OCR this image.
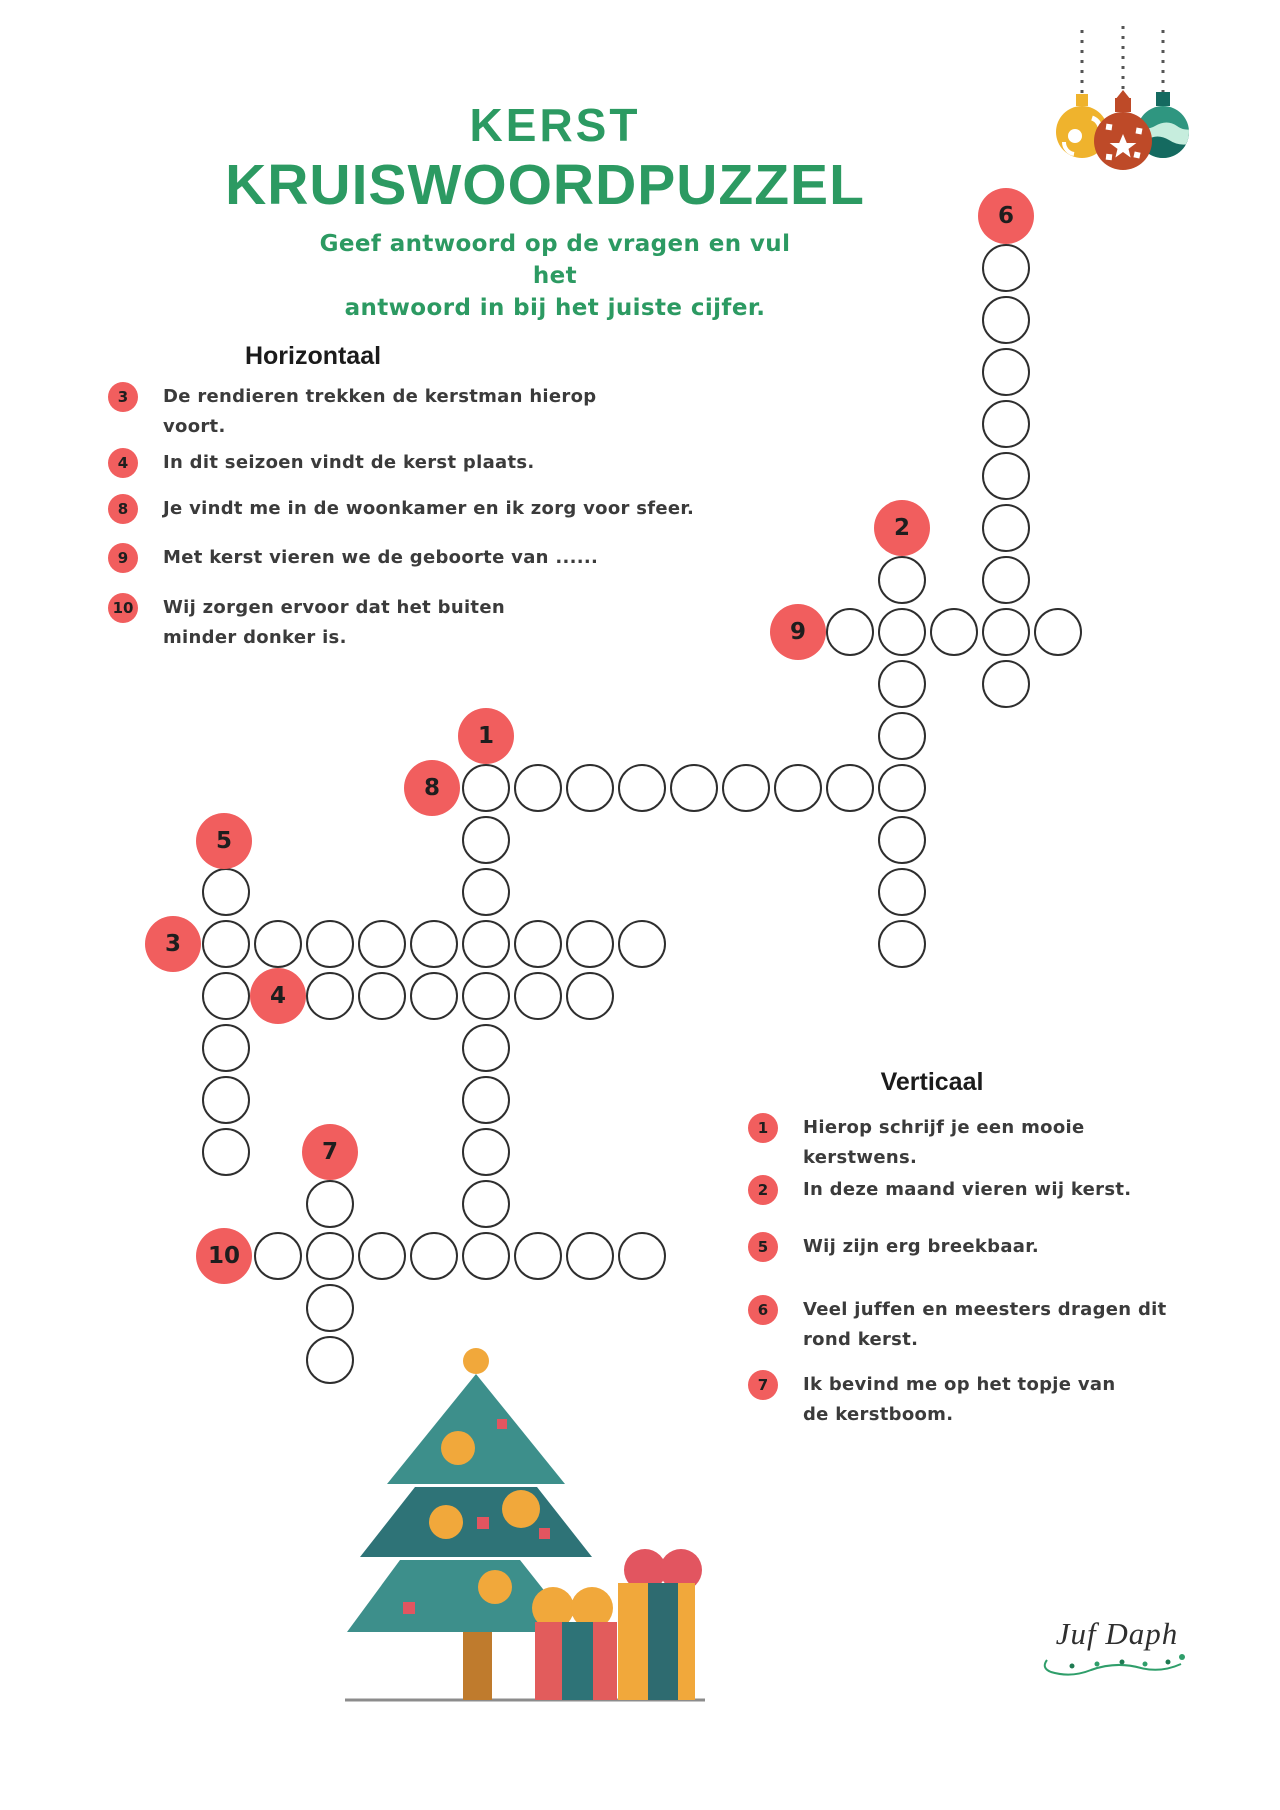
KERST
KRUISWOORDPUZZEL
Geef antwoord op de vragen en vul het
antwoord in bij het juiste cijfer.
Horizontaal
3	De rendieren trekken de kerstman hierop
voort.
4	In dit seizoen vindt de kerst plaats.
8	Je vindt me in de woonkamer en ik zorg voor sfeer.
9	Met kerst vieren we de geboorte van ......
10 Wij zorgen ervoor dat het buiten
minder donker is.
Verticaal
1	Hierop schrijf je een mooie
kerstwens.
2	In deze maand vieren wij kerst.
5	Wij zijn erg breekbaar.
6	Veel juffen en meesters dragen dit
rond kerst.
7	Ik bevind me op het topje van
de kerstboom.
6
2
9
1
8
5
3
4
7
10
Juf Daph
